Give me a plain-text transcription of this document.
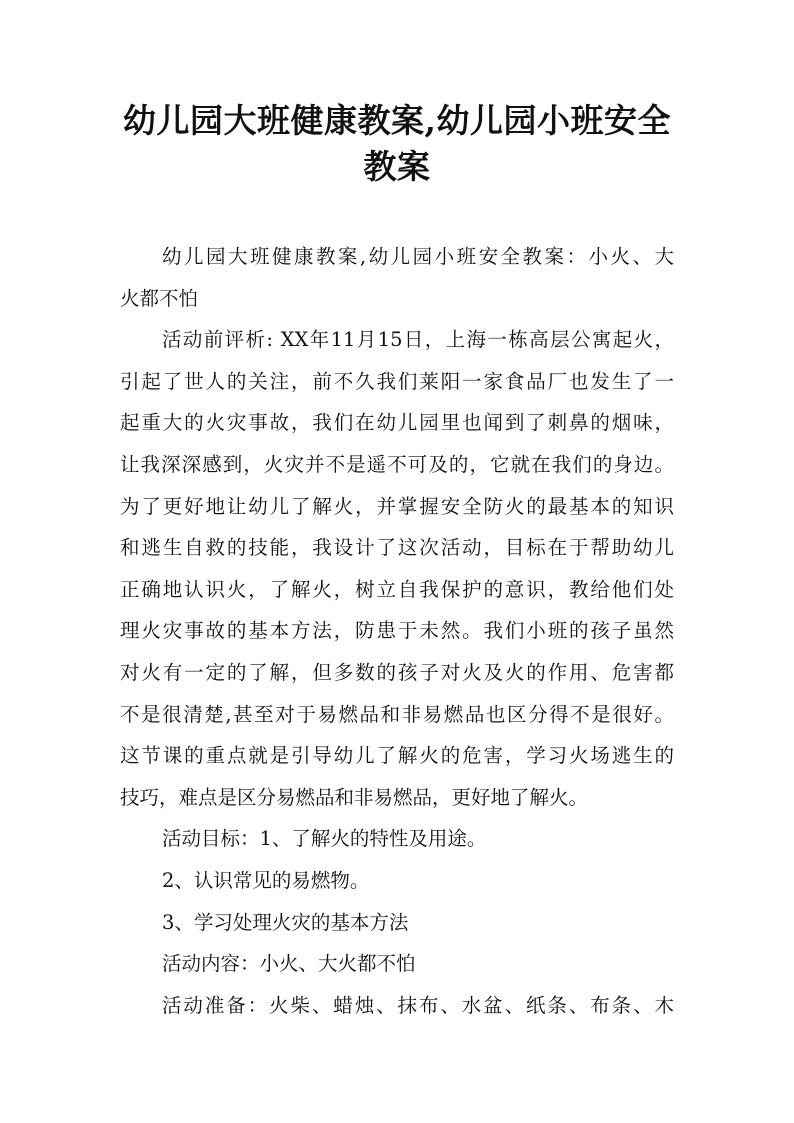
幼儿园大班健康教案,幼儿园小班安全
教案
幼儿园大班健康教案,幼儿园小班安全教案：小火、大
火都不怕
活动前评析: XX年11月15日，上海一栋高层公寓起火，
引起了世人的关注，前不久我们莱阳一家食品厂也发生了一
起重大的火灾事故，我们在幼儿园里也闻到了刺鼻的烟味，
让我深深感到，火灾并不是遥不可及的，它就在我们的身边。
为了更好地让幼儿了解火，并掌握安全防火的最基本的知识
和逃生自救的技能，我设计了这次活动，目标在于帮助幼儿
正确地认识火，了解火，树立自我保护的意识，教给他们处
理火灾事故的基本方法，防患于未然。我们小班的孩子虽然
对火有一定的了解，但多数的孩子对火及火的作用、危害都
不是很清楚,甚至对于易燃品和非易燃品也区分得不是很好。
这节课的重点就是引导幼儿了解火的危害，学习火场逃生的
技巧，难点是区分易燃品和非易燃品，更好地了解火。
活动目标：1、了解火的特性及用途。
2、认识常见的易燃物。
3、学习处理火灾的基本方法
活动内容：小火、大火都不怕
活动准备：火柴、蜡烛、抹布、水盆、纸条、布条、木
